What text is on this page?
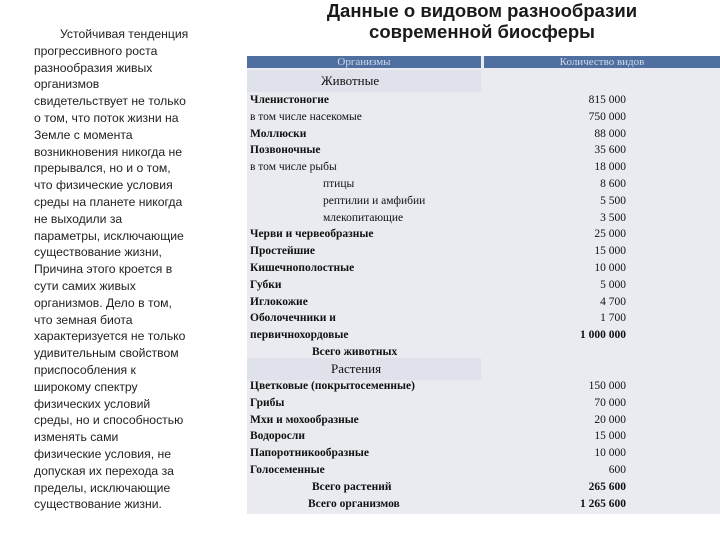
Устойчивая тенденция
прогрессивного роста
разнообразия живых
организмов
свидетельствует не только
о том, что поток жизни на
Земле с момента
возникновения никогда не
прерывался, но и о том,
что физические условия
среды на планете никогда
не выходили за
параметры, исключающие
существование жизни,
Причина этого кроется в
сути самих живых
организмов. Дело в том,
что земная биота
характеризуется не только
удивительным свойством
приспособления к
широкому спектру
физических условий
среды, но и способностью
изменять сами
физические условия, не
допуская их перехода за
пределы, исключающие
существование жизни.
Данные о видовом разнообразии
современной биосферы
Организмы	Количество видов
Животные
Членистоногие
в том числе насекомые
Моллюски
Позвоночные
в том числе рыбы
птицы
рептилии и амфибии
млекопитающие
Черви и червеобразные
Простейшие
Кишечнополостные
Губки
Иглокожие
Оболочечники и
первичнохордовые
Всего животных
815 000
750 000
88 000
35 600
18 000
8 600
5 500
3 500
25 000
15 000
10 000
5 000
4 700
1 700
1 000 000
Растения
Цветковые (покрытосеменные)
Грибы
Мхи и мохообразные
Водоросли
Папоротникообразные
Голосеменные
Всего растений
Всего организмов
150 000
70 000
20 000
15 000
10 000
600
265 600
1 265 600
